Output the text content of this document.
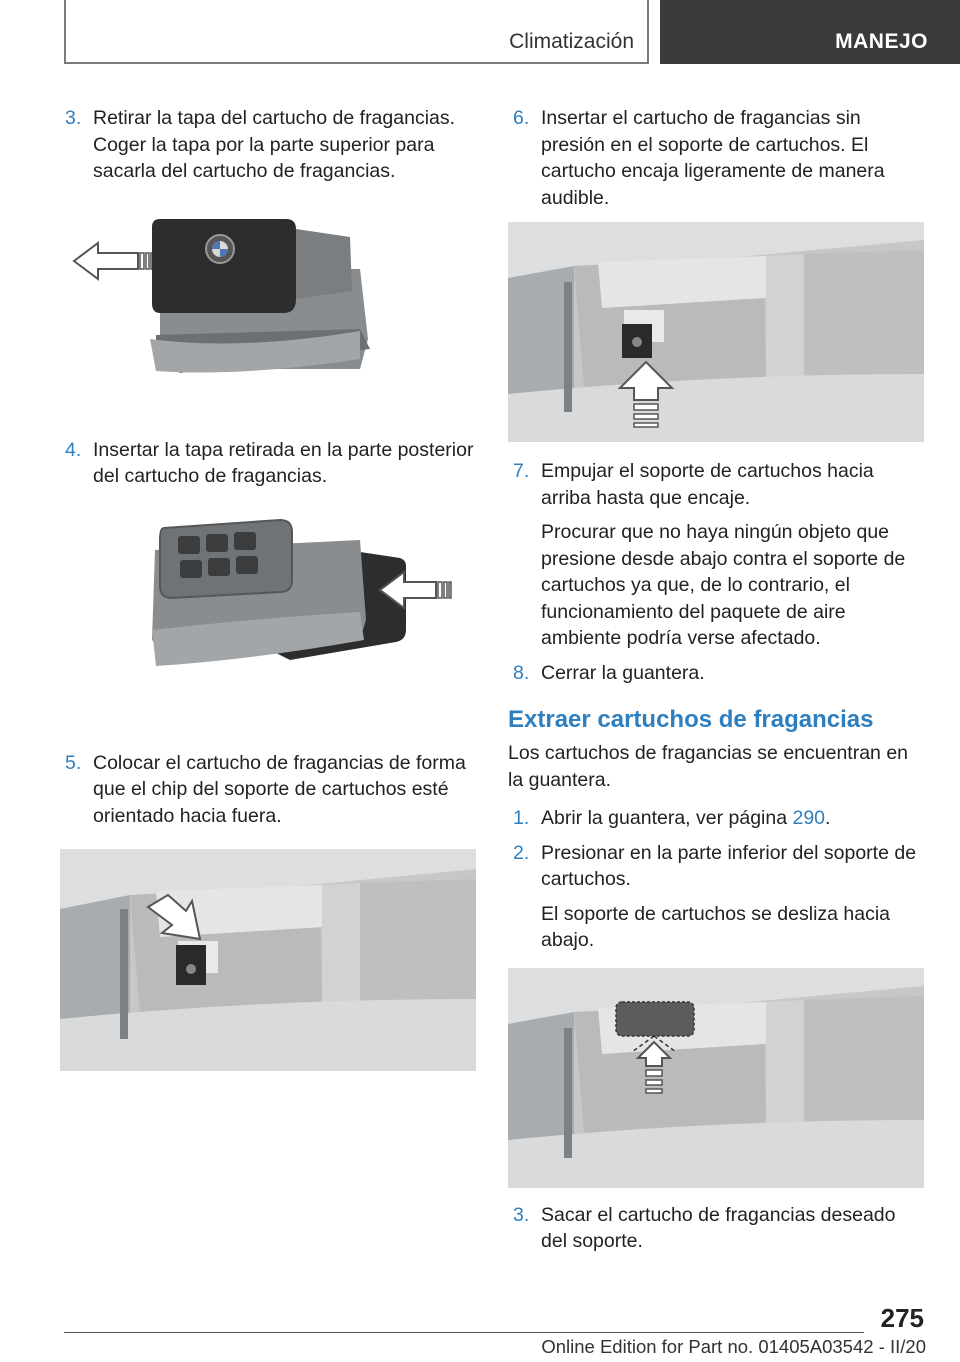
Climatización	MANEJO
3. Retirar la tapa del cartucho de fragancias. Coger la tapa por la parte superior para sacarla del cartucho de fragancias.
4. Insertar la tapa retirada en la parte posterior del cartucho de fragancias.
5. Colocar el cartucho de fragancias de forma que el chip del soporte de cartuchos esté orientado hacia fuera.
6. Insertar el cartucho de fragancias sin presión en el soporte de cartuchos. El cartucho encaja ligeramente de manera audible.
7. Empujar el soporte de cartuchos hacia arriba hasta que encaje.
Procurar que no haya ningún objeto que presione desde abajo contra el soporte de cartuchos ya que, de lo contrario, el funcionamiento del paquete de aire ambiente podría verse afectado.
8. Cerrar la guantera.
Extraer cartuchos de fragancias
Los cartuchos de fragancias se encuentran en la guantera.
1. Abrir la guantera, ver página 290.
2. Presionar en la parte inferior del soporte de cartuchos.
El soporte de cartuchos se desliza hacia abajo.
3. Sacar el cartucho de fragancias deseado del soporte.
275
Online Edition for Part no. 01405A03542 - II/20
